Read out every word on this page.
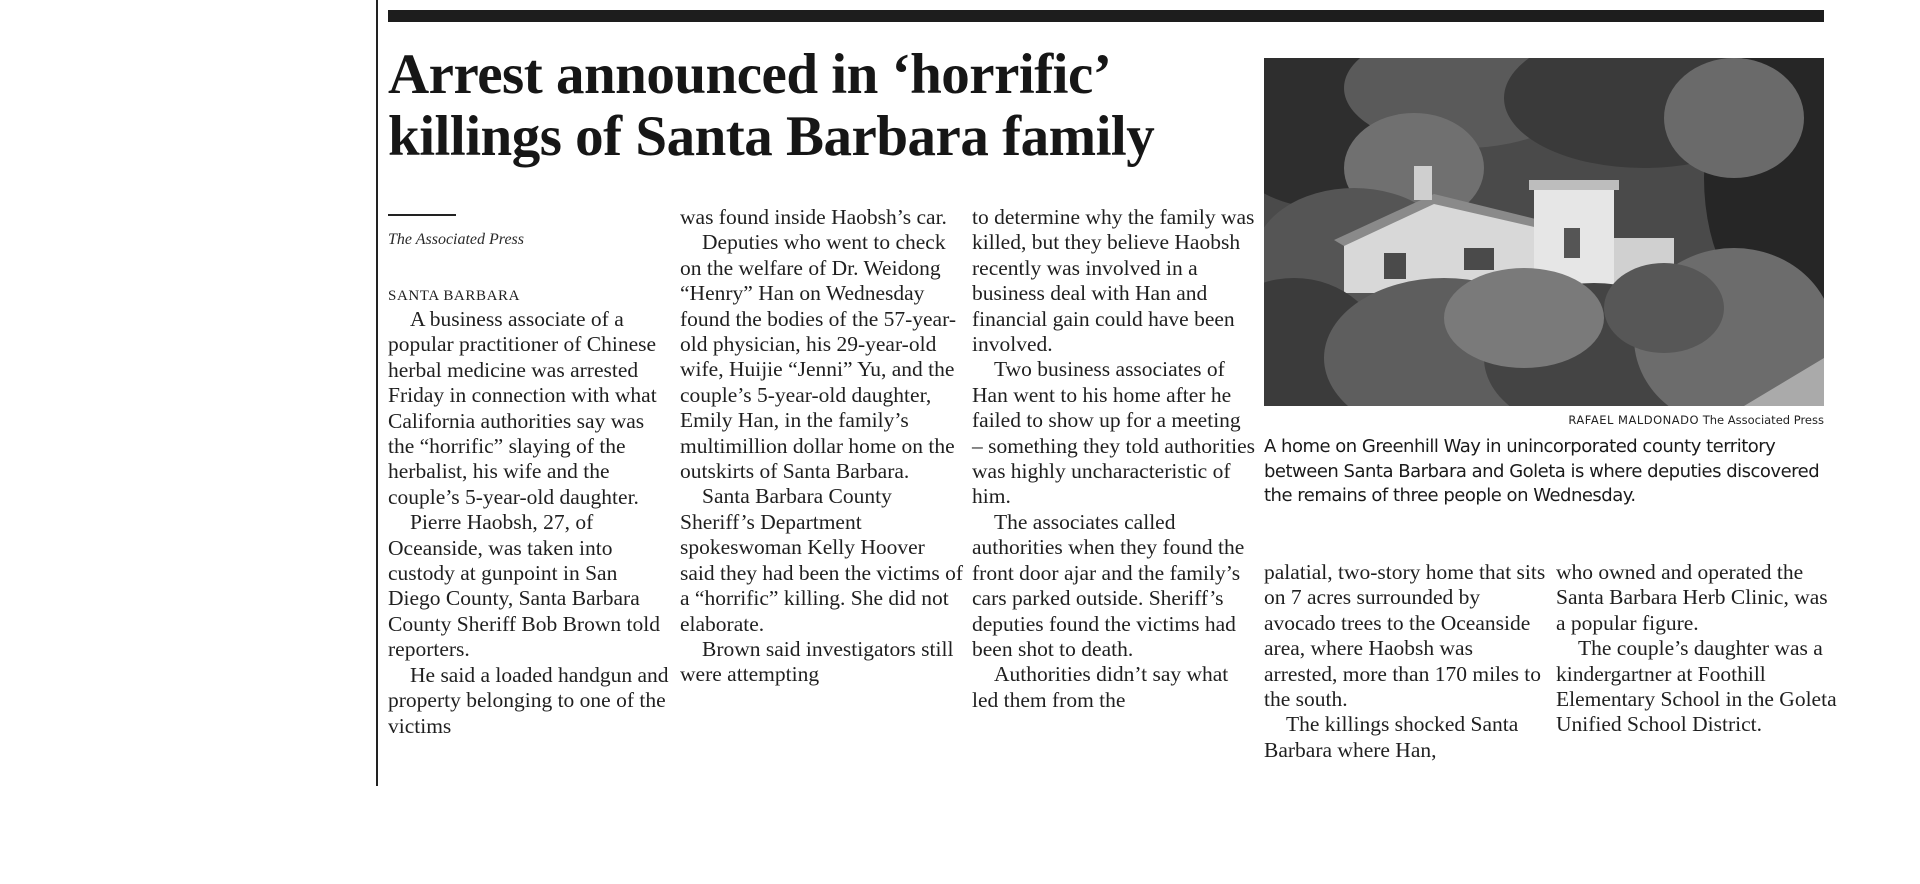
Arrest announced in ‘horrific’ killings of Santa Barbara family
The Associated Press
SANTA BARBARA

A business associate of a popular practitioner of Chinese herbal medicine was arrested Friday in connection with what California authorities say was the “horrific” slaying of the herbalist, his wife and the couple’s 5-year-old daughter.

Pierre Haobsh, 27, of Oceanside, was taken into custody at gunpoint in San Diego County, Santa Barbara County Sheriff Bob Brown told reporters.

He said a loaded handgun and property belonging to one of the victims

was found inside Haobsh’s car.

Deputies who went to check on the welfare of Dr. Weidong “Henry” Han on Wednesday found the bodies of the 57-year-old physician, his 29-year-old wife, Huijie “Jenni” Yu, and the couple’s 5-year-old daughter, Emily Han, in the family’s multimillion dollar home on the outskirts of Santa Barbara.

Santa Barbara County Sheriff’s Department spokeswoman Kelly Hoover said they had been the victims of a “horrific” killing. She did not elaborate.

Brown said investigators still were attempting

to determine why the family was killed, but they believe Haobsh recently was involved in a business deal with Han and financial gain could have been involved.

Two business associates of Han went to his home after he failed to show up for a meeting – something they told authorities was highly uncharacteristic of him.

The associates called authorities when they found the front door ajar and the family’s cars parked outside. Sheriff’s deputies found the victims had been shot to death.

Authorities didn’t say what led them from the

palatial, two-story home that sits on 7 acres surrounded by avocado trees to the Oceanside area, where Haobsh was arrested, more than 170 miles to the south.

The killings shocked Santa Barbara where Han,

who owned and operated the Santa Barbara Herb Clinic, was a popular figure.

The couple’s daughter was a kindergartner at Foothill Elementary School in the Goleta Unified School District.

RAFAEL MALDONADO The Associated Press

A home on Greenhill Way in unincorporated county territory between Santa Barbara and Goleta is where deputies discovered the remains of three people on Wednesday.
